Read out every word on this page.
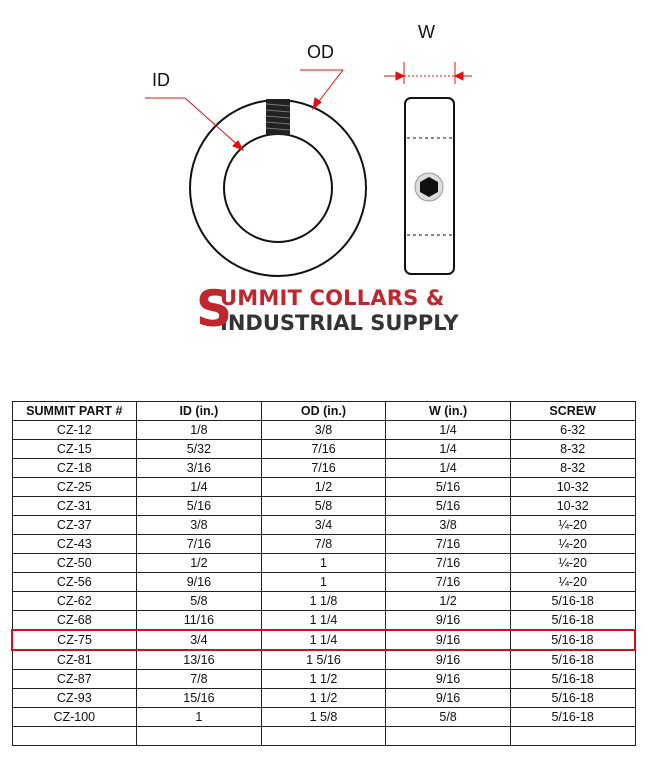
ID
OD
W
S
UMMIT COLLARS &
INDUSTRIAL SUPPLY
SUMMIT PART #	ID (in.)	OD (in.)	W (in.)	SCREW
CZ-12	1/8	3/8	1/4	6-32
CZ-15	5/32	7/16	1/4	8-32
CZ-18	3/16	7/16	1/4	8-32
CZ-25	1/4	1/2	5/16	10-32
CZ-31	5/16	5/8	5/16	10-32
CZ-37	3/8	3/4	3/8	¼-20
CZ-43	7/16	7/8	7/16	¼-20
CZ-50	1/2	1	7/16	¼-20
CZ-56	9/16	1	7/16	¼-20
CZ-62	5/8	1 1/8	1/2	5/16-18
CZ-68	11/16	1 1/4	9/16	5/16-18
CZ-75	3/4	1 1/4	9/16	5/16-18
CZ-81	13/16	1 5/16	9/16	5/16-18
CZ-87	7/8	1 1/2	9/16	5/16-18
CZ-93	15/16	1 1/2	9/16	5/16-18
CZ-100	1	1 5/8	5/8	5/16-18
